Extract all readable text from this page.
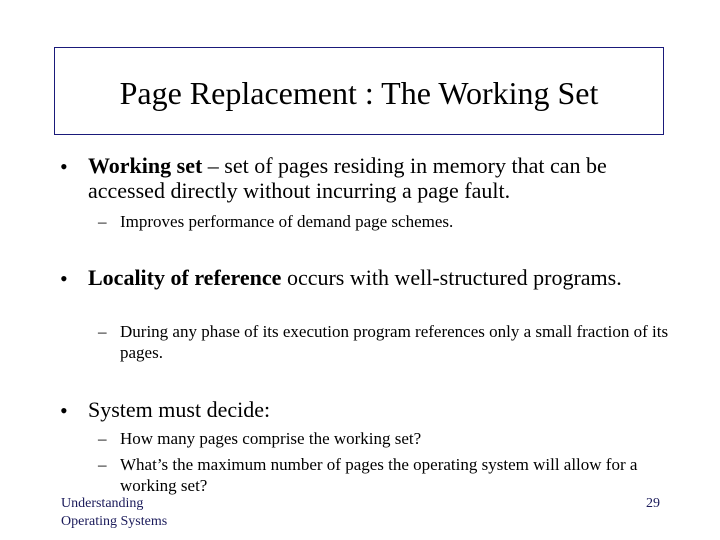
Page Replacement : The Working Set
• Working set – set of pages residing in memory that can be accessed directly without incurring a page fault.
– Improves performance of demand page schemes.
• Locality of reference occurs with well-structured programs.
– During any phase of its execution program references only a small fraction of its pages.
• System must decide:
– How many pages comprise the working set?
– What’s the maximum number of pages the operating system will allow for a working set?
Understanding
Operating Systems
29
